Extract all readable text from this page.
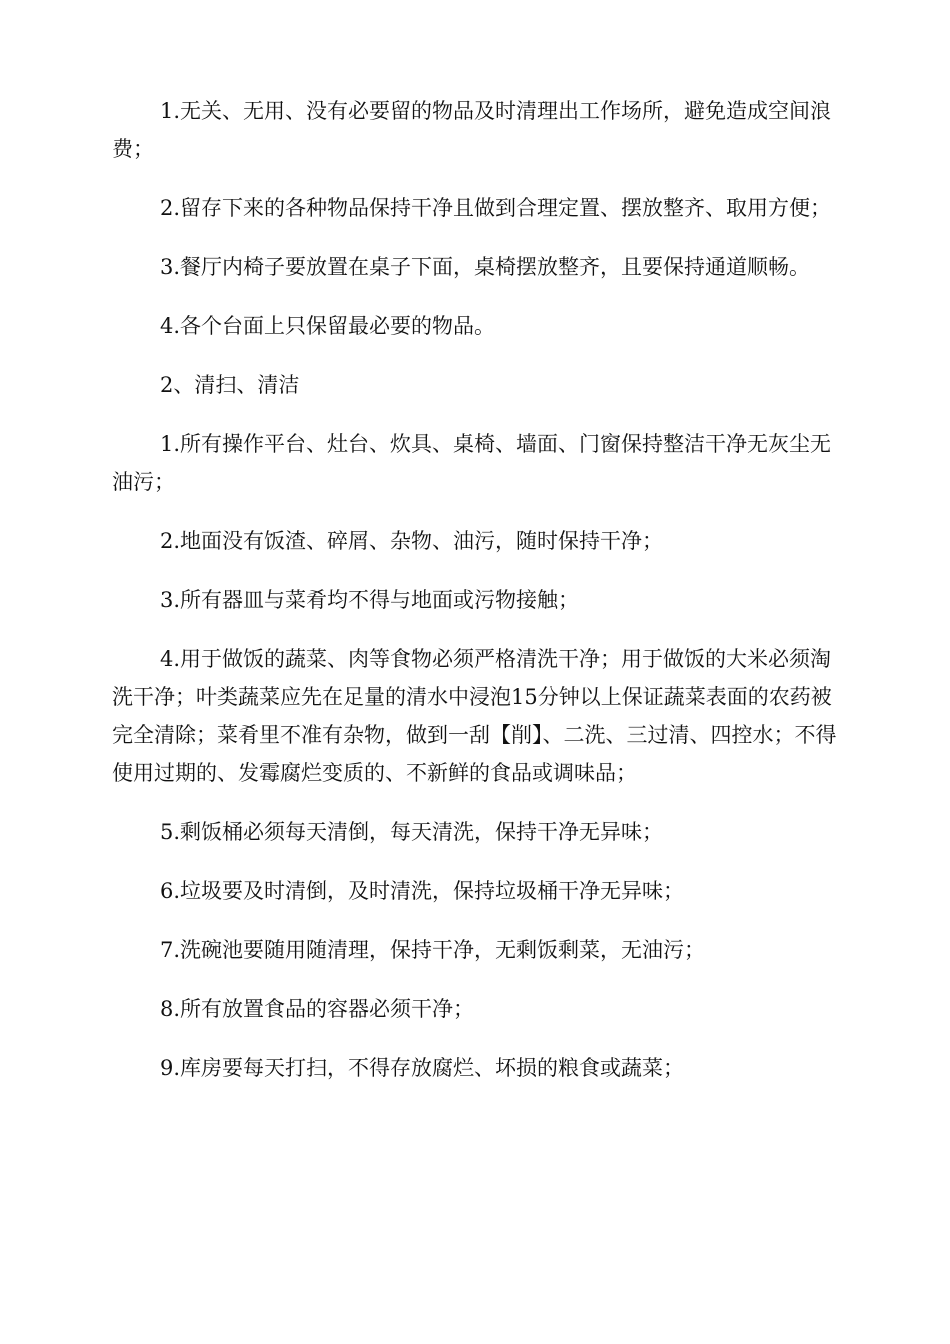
1.无关、无用、没有必要留的物品及时清理出工作场所，避免造成空间浪费；

2.留存下来的各种物品保持干净且做到合理定置、摆放整齐、取用方便；

3.餐厅内椅子要放置在桌子下面，桌椅摆放整齐，且要保持通道顺畅。

4.各个台面上只保留最必要的物品。

2、清扫、清洁

1.所有操作平台、灶台、炊具、桌椅、墙面、门窗保持整洁干净无灰尘无油污；

2.地面没有饭渣、碎屑、杂物、油污，随时保持干净；

3.所有器皿与菜肴均不得与地面或污物接触；

4.用于做饭的蔬菜、肉等食物必须严格清洗干净；用于做饭的大米必须淘洗干净；叶类蔬菜应先在足量的清水中浸泡15分钟以上保证蔬菜表面的农药被完全清除；菜肴里不准有杂物，做到一刮【削】、二洗、三过清、四控水；不得使用过期的、发霉腐烂变质的、不新鲜的食品或调味品；

5.剩饭桶必须每天清倒，每天清洗，保持干净无异味；

6.垃圾要及时清倒，及时清洗，保持垃圾桶干净无异味；

7.洗碗池要随用随清理，保持干净，无剩饭剩菜，无油污；

8.所有放置食品的容器必须干净；

9.库房要每天打扫，不得存放腐烂、坏损的粮食或蔬菜；
